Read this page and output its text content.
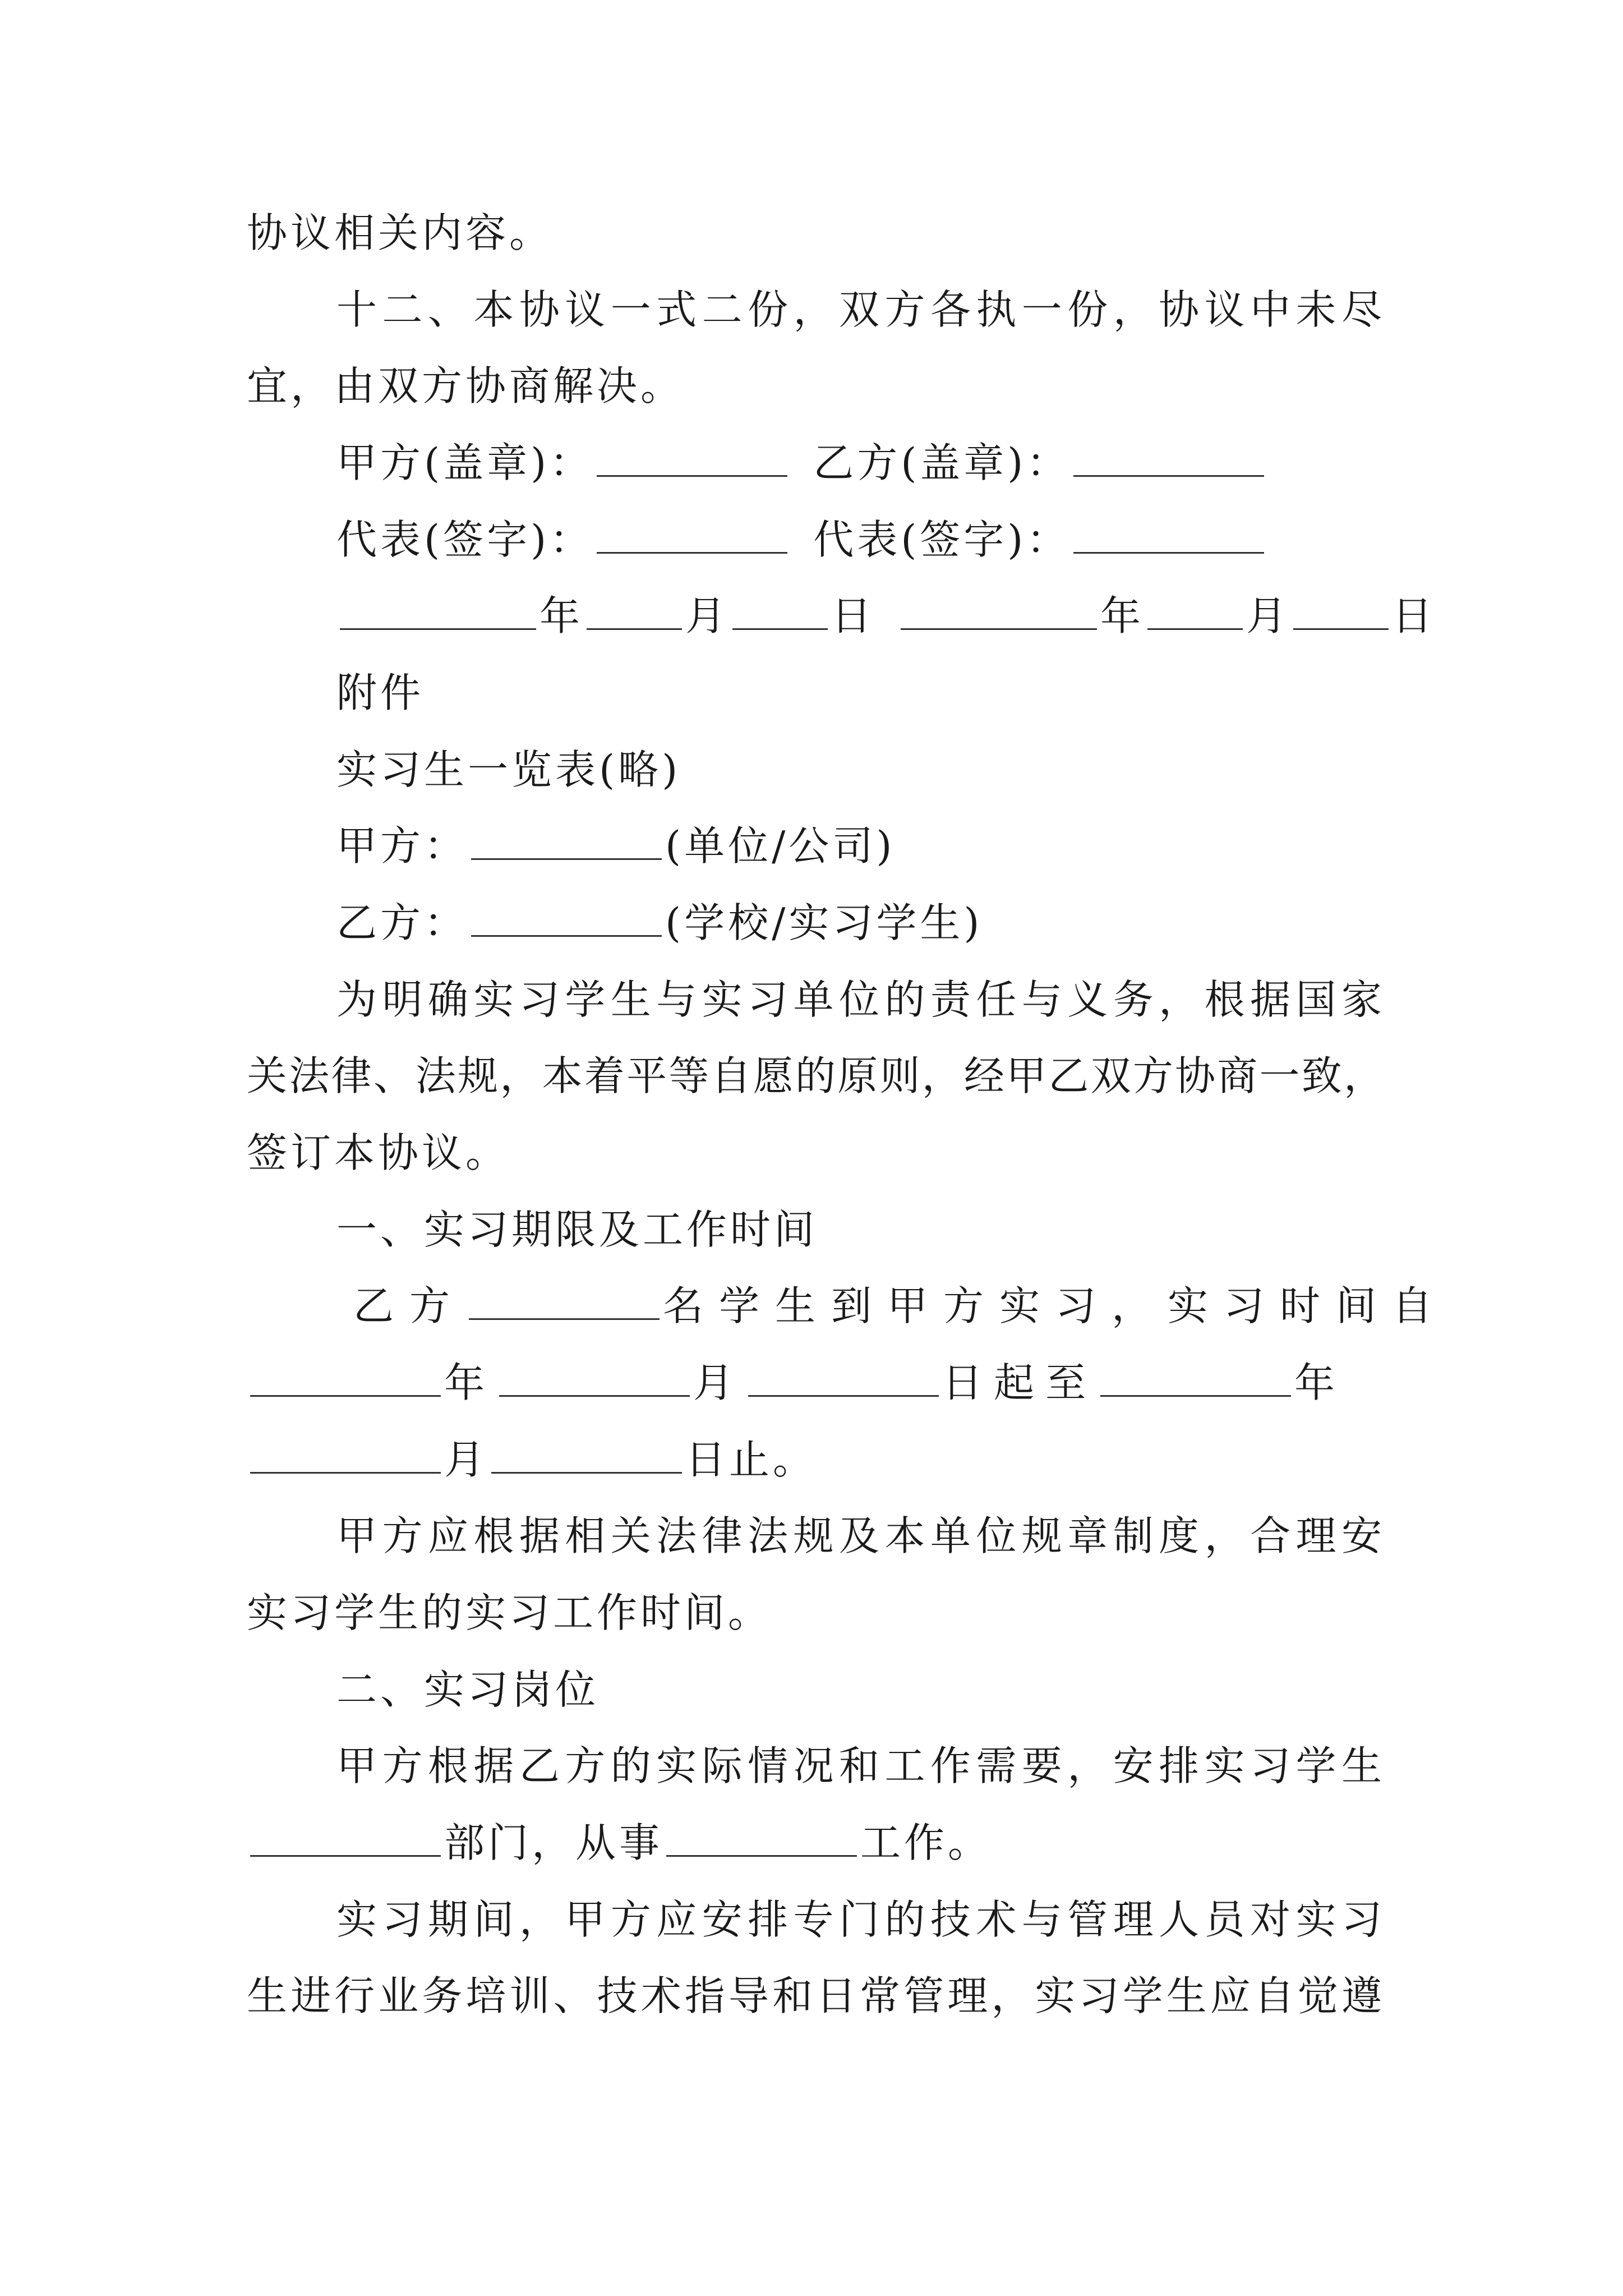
协议相关内容。
十二、本协议一式二份，双方各执一份，协议中未尽
宜，由双方协商解决。
甲方(盖章)：	乙方(盖章)：
代表(签字)：	代表(签字)：
年	月	日	年	月	日
附件
实习生一览表(略)
甲方：	(单位/公司)
乙方：	(学校/实习学生)
为明确实习学生与实习单位的责任与义务，根据国家
关法律、法规，本着平等自愿的原则，经甲乙双方协商一致，
签订本协议。
一、实习期限及工作时间
乙方	名学生到甲方实习，实习时间自
年	月	日起至	年
月	日止。
甲方应根据相关法律法规及本单位规章制度，合理安
实习学生的实习工作时间。
二、实习岗位
甲方根据乙方的实际情况和工作需要，安排实习学生
部门，从事	工作。
实习期间，甲方应安排专门的技术与管理人员对实习
生进行业务培训、技术指导和日常管理，实习学生应自觉遵
